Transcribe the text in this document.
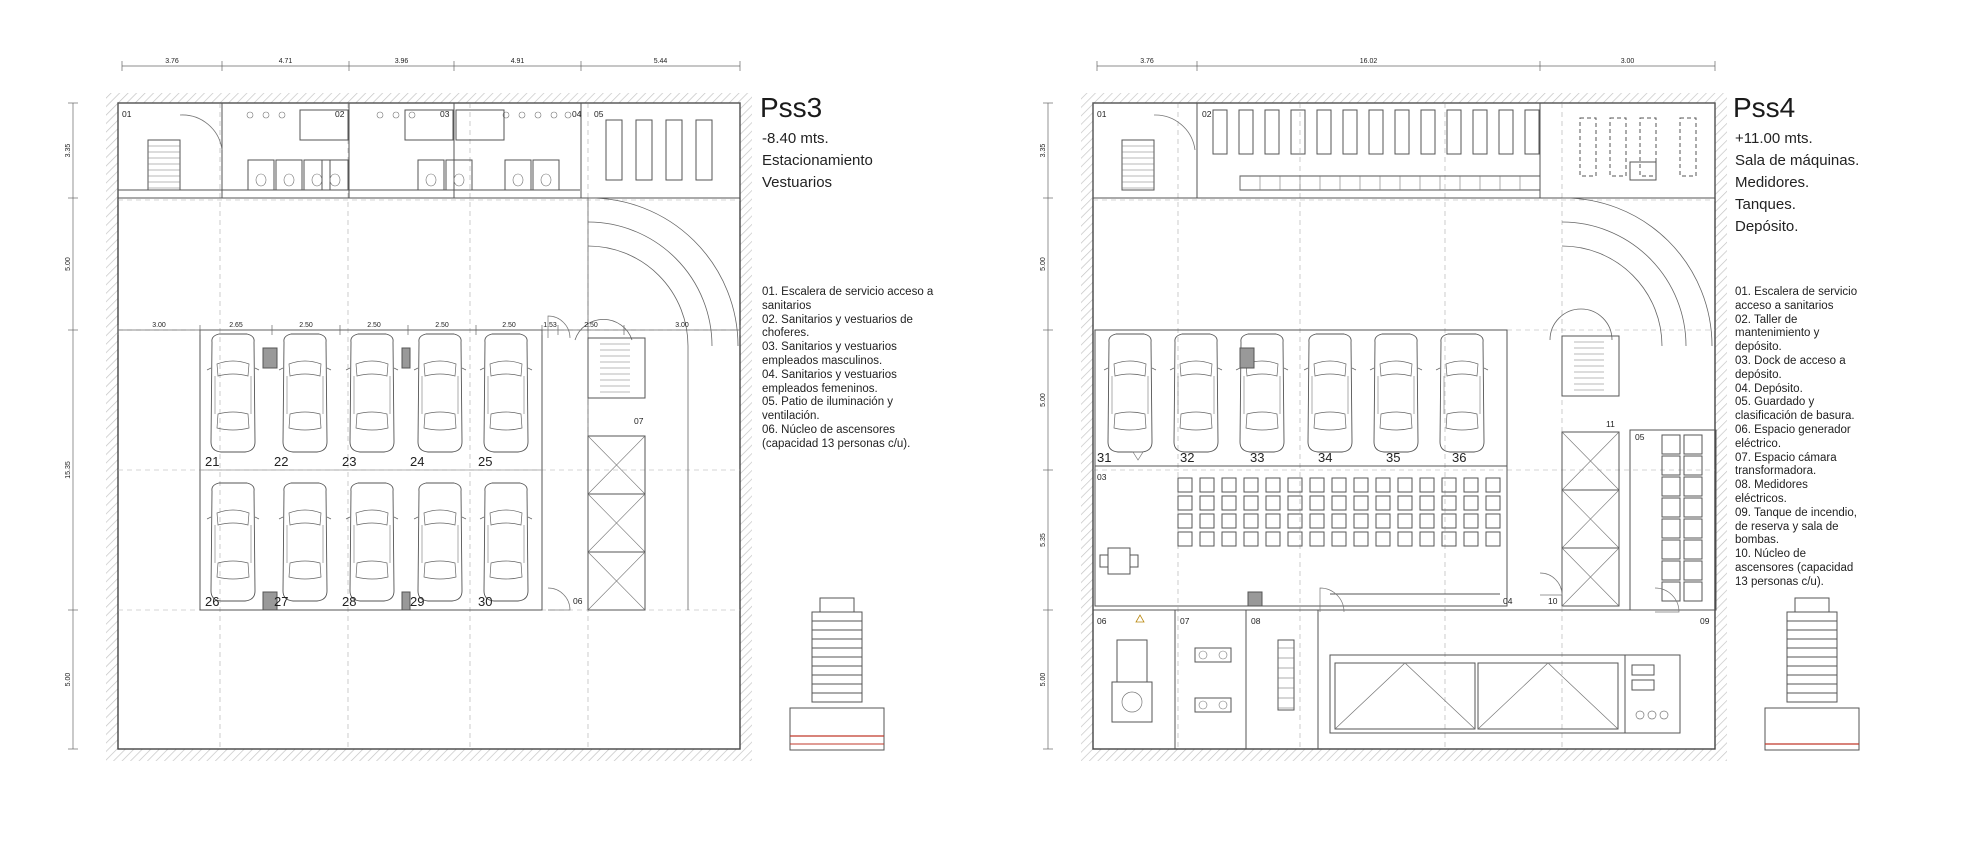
21	22	23	24	25
26	27	28	29	30
01	02	03	04 05
07
06
3.76	4.71	3.96	4.91	5.44
3.00	2.65	2.50	2.50	2.50	2.50	1.53	2.50	3.00
3.35
5.00
15.35
5.00
31	32	33	34	35	36
01	02
03
04
05
06	07	08	09
10
11
3.76	16.02	3.00
3.35
5.00
5.00
5.35
5.00
Pss3
-8.40 mts.
Estacionamiento
Vestuarios
01. Escalera de servicio acceso a
sanitarios
02. Sanitarios y vestuarios de
choferes.
03. Sanitarios y vestuarios
empleados masculinos.
04. Sanitarios y vestuarios
empleados femeninos.
05. Patio de iluminación y
ventilación.
06. Núcleo de ascensores
(capacidad 13 personas c/u).
Pss4
+11.00 mts.
Sala de máquinas.
Medidores.
Tanques.
Depósito.
01. Escalera de servicio
acceso a sanitarios
02. Taller de
mantenimiento y
depósito.
03. Dock de acceso a
depósito.
04. Depósito.
05. Guardado y
clasificación de basura.
06. Espacio generador
eléctrico.
07. Espacio cámara
transformadora.
08. Medidores
eléctricos.
09. Tanque de incendio,
de reserva y sala de
bombas.
10. Núcleo de
ascensores (capacidad
13 personas c/u).
